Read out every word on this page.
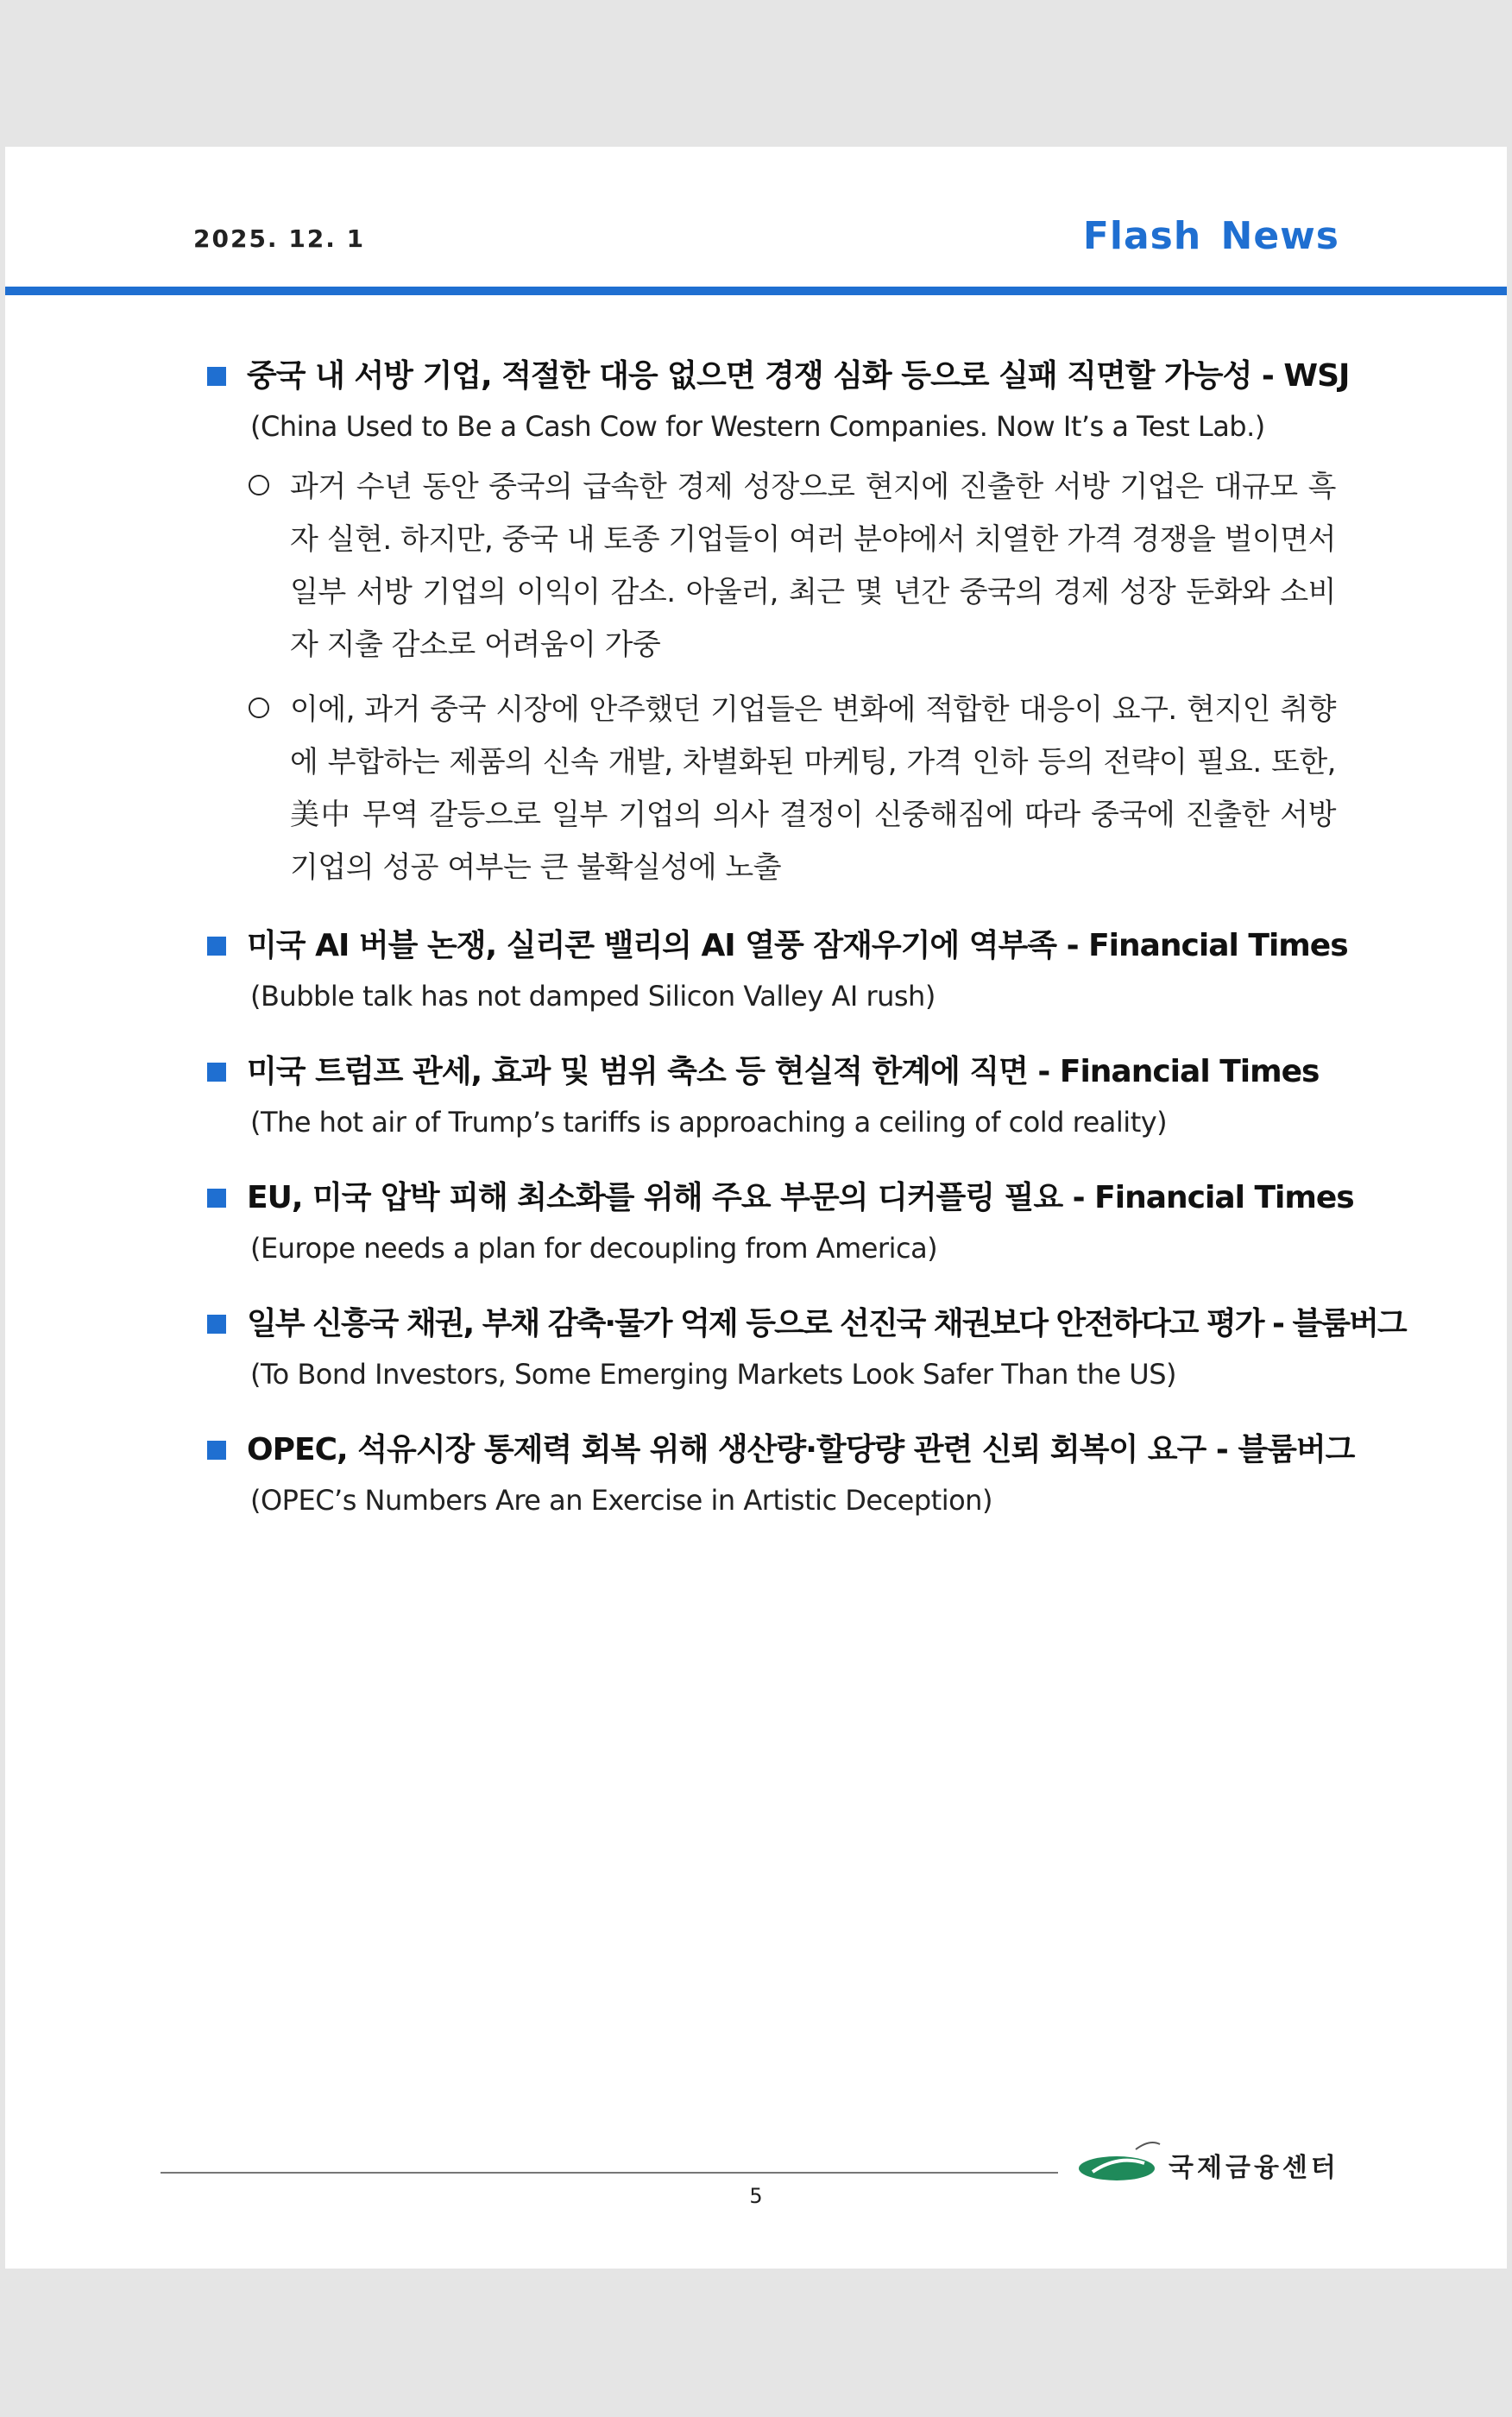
2025. 12. 1	Flash News
중국 내 서방 기업, 적절한 대응 없으면 경쟁 심화 등으로 실패 직면할 가능성 - WSJ
(China Used to Be a Cash Cow for Western Companies. Now It’s a Test Lab.)
과거 수년 동안 중국의 급속한 경제 성장으로 현지에 진출한 서방 기업은 대규모 흑자 실현. 하지만, 중국 내 토종 기업들이 여러 분야에서 치열한 가격 경쟁을 벌이면서 일부 서방 기업의 이익이 감소. 아울러, 최근 몇 년간 중국의 경제 성장 둔화와 소비자 지출 감소로 어려움이 가중
이에, 과거 중국 시장에 안주했던 기업들은 변화에 적합한 대응이 요구. 현지인 취향에 부합하는 제품의 신속 개발, 차별화된 마케팅, 가격 인하 등의 전략이 필요. 또한, 美中 무역 갈등으로 일부 기업의 의사 결정이 신중해짐에 따라 중국에 진출한 서방 기업의 성공 여부는 큰 불확실성에 노출
미국 AI 버블 논쟁, 실리콘 밸리의 AI 열풍 잠재우기에 역부족 - Financial Times
(Bubble talk has not damped Silicon Valley AI rush)
미국 트럼프 관세, 효과 및 범위 축소 등 현실적 한계에 직면 - Financial Times
(The hot air of Trump’s tariffs is approaching a ceiling of cold reality)
EU, 미국 압박 피해 최소화를 위해 주요 부문의 디커플링 필요 - Financial Times
(Europe needs a plan for decoupling from America)
일부 신흥국 채권, 부채 감축·물가 억제 등으로 선진국 채권보다 안전하다고 평가 - 블룸버그
(To Bond Investors, Some Emerging Markets Look Safer Than the US)
OPEC, 석유시장 통제력 회복 위해 생산량·할당량 관련 신뢰 회복이 요구 - 블룸버그
(OPEC’s Numbers Are an Exercise in Artistic Deception)
5
국제금융센터
